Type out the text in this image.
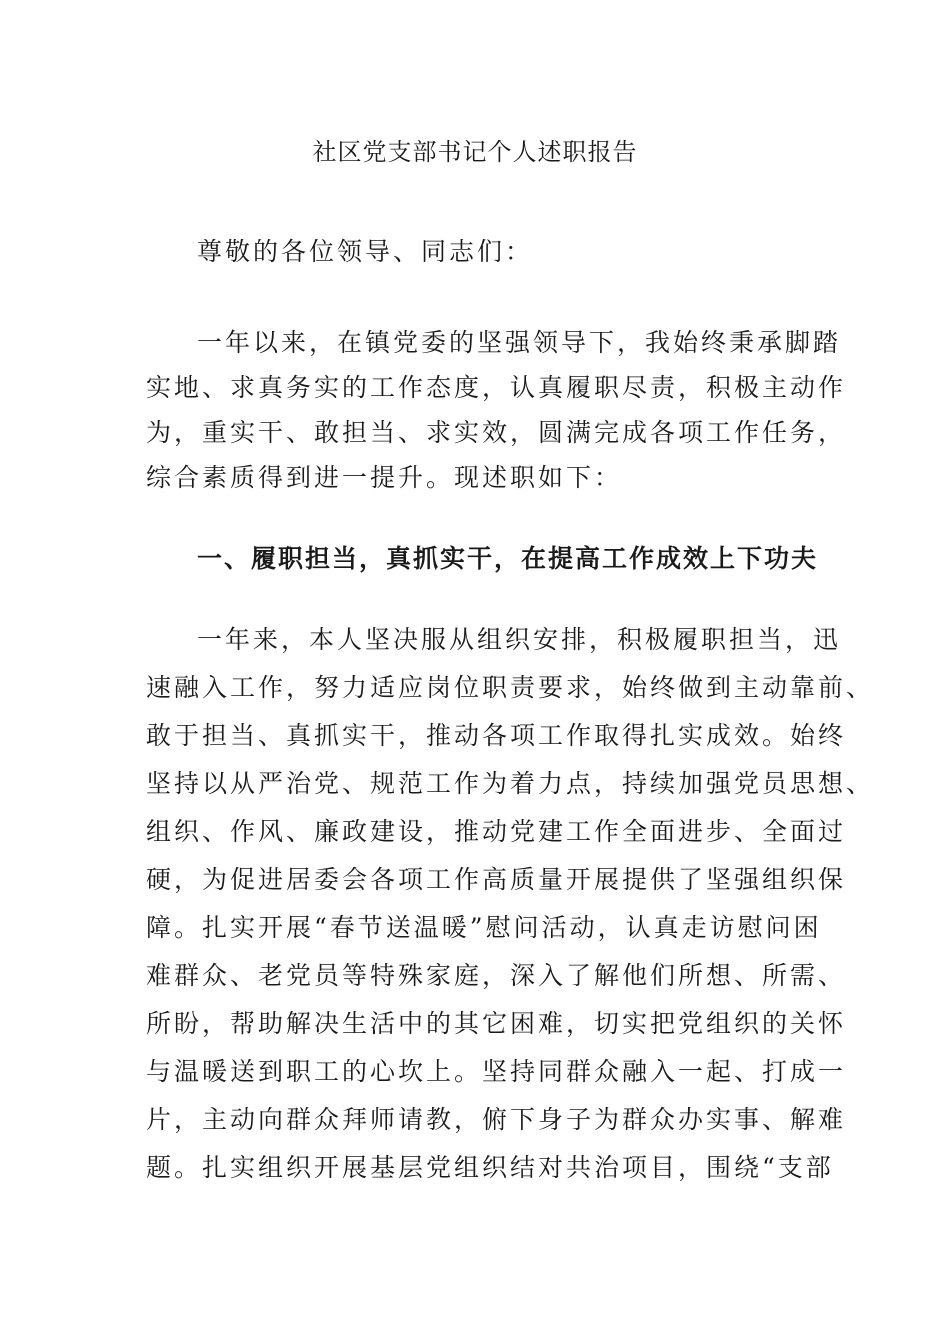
社区党支部书记个人述职报告
尊敬的各位领导、同志们：
一年以来，在镇党委的坚强领导下，我始终秉承脚踏
实地、求真务实的工作态度，认真履职尽责，积极主动作
为，重实干、敢担当、求实效，圆满完成各项工作任务，
综合素质得到进一提升。现述职如下：
一、履职担当，真抓实干，在提高工作成效上下功夫
一年来，本人坚决服从组织安排，积极履职担当，迅
速融入工作，努力适应岗位职责要求，始终做到主动靠前、
敢于担当、真抓实干，推动各项工作取得扎实成效。始终
坚持以从严治党、规范工作为着力点，持续加强党员思想、
组织、作风、廉政建设，推动党建工作全面进步、全面过
硬，为促进居委会各项工作高质量开展提供了坚强组织保
障。扎实开展“春节送温暖”慰问活动，认真走访慰问困
难群众、老党员等特殊家庭，深入了解他们所想、所需、
所盼，帮助解决生活中的其它困难，切实把党组织的关怀
与温暖送到职工的心坎上。坚持同群众融入一起、打成一
片，主动向群众拜师请教，俯下身子为群众办实事、解难
题。扎实组织开展基层党组织结对共治项目，围绕“支部
